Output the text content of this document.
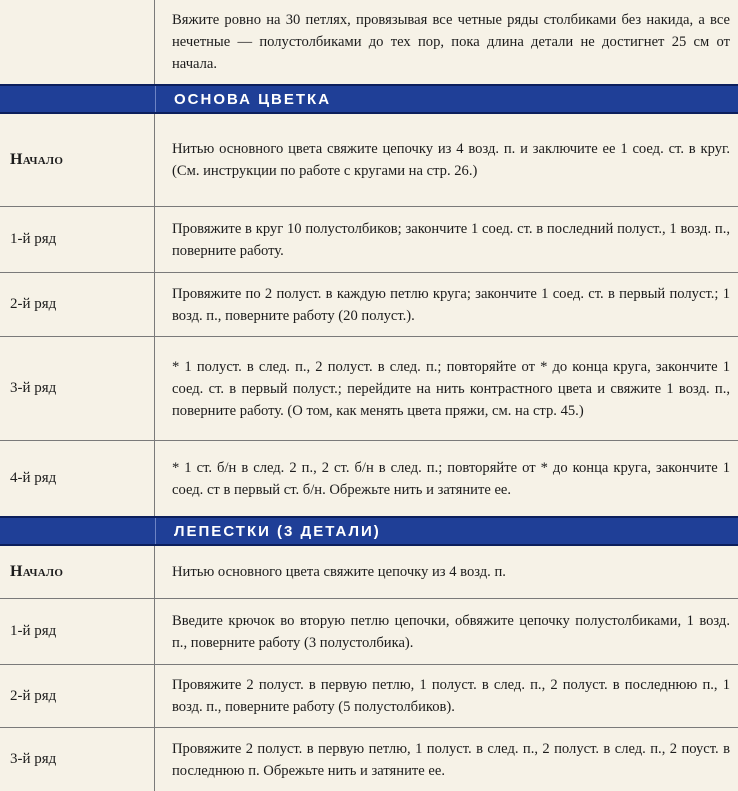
Вяжите ровно на 30 петлях, провязывая все четные ряды столбиками без накида, а все нечетные — полустолбиками до тех пор, пока длина детали не достигнет 25 см от начала.
ОСНОВА ЦВЕТКА
Начало
Нитью основного цвета свяжите цепочку из 4 возд. п. и заключите ее 1 соед. ст. в круг. (См. инструкции по работе с кругами на стр. 26.)
1-й ряд
Провяжите в круг 10 полустолбиков; закончите 1 соед. ст. в последний полуст., 1 возд. п., поверните работу.
2-й ряд
Провяжите по 2 полуст. в каждую петлю круга; закончите 1 соед. ст. в первый полуст.; 1 возд. п., поверните работу (20 полуст.).
3-й ряд
* 1 полуст. в след. п., 2 полуст. в след. п.; повторяйте от * до конца круга, закончите 1 соед. ст. в первый полуст.; перейдите на нить контрастного цвета и свяжите 1 возд. п., поверните работу. (О том, как менять цвета пряжи, см. на стр. 45.)
4-й ряд
* 1 ст. б/н в след. 2 п., 2 ст. б/н в след. п.; повторяйте от * до конца круга, закончите 1 соед. ст в первый ст. б/н. Обрежьте нить и затяните ее.
ЛЕПЕСТКИ (3 ДЕТАЛИ)
Начало	Нитью основного цвета свяжите цепочку из 4 возд. п.
1-й ряд
Введите крючок во вторую петлю цепочки, обвяжите цепочку полустолбиками, 1 возд. п., поверните работу (3 полустолбика).
2-й ряд
Провяжите 2 полуст. в первую петлю, 1 полуст. в след. п., 2 полуст. в последнюю п., 1 возд. п., поверните работу (5 полустолбиков).
3-й ряд
Провяжите 2 полуст. в первую петлю, 1 полуст. в след. п., 2 полуст. в след. п., 2 поуст. в последнюю п. Обрежьте нить и затяните ее.
